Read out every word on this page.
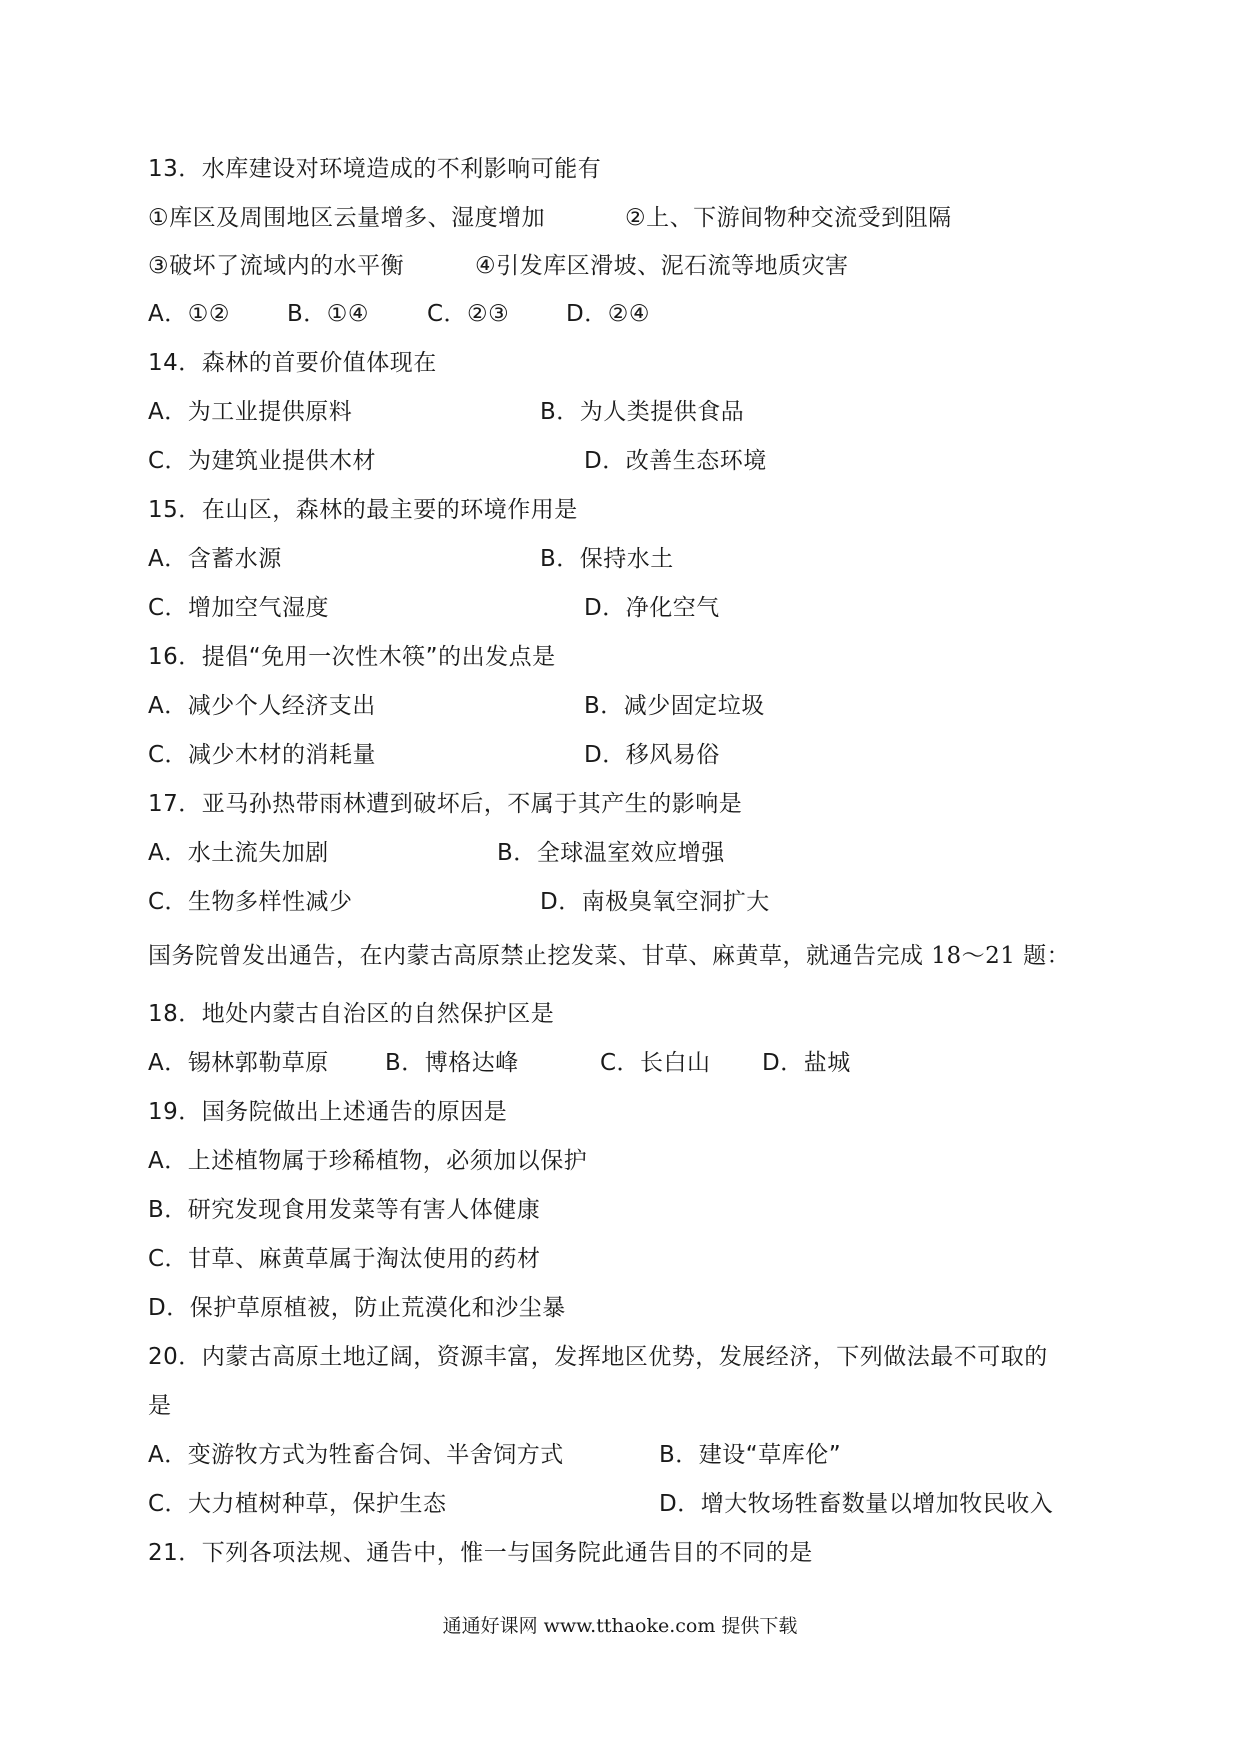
13．水库建设对环境造成的不利影响可能有
①库区及周围地区云量增多、湿度增加	②上、下游间物种交流受到阻隔
③破坏了流域内的水平衡	④引发库区滑坡、泥石流等地质灾害
A．①② B．①④	C．②③ D．②④
14．森林的首要价值体现在
A．为工业提供原料	B．为人类提供食品
C．为建筑业提供木材	D．改善生态环境
15．在山区，森林的最主要的环境作用是
A．含蓄水源	B．保持水土
C．增加空气湿度	D．净化空气
16．提倡“免用一次性木筷”的出发点是
A．减少个人经济支出	B．减少固定垃圾
C．减少木材的消耗量	D．移风易俗
17．亚马孙热带雨林遭到破坏后，不属于其产生的影响是
A．水土流失加剧	B．全球温室效应增强
C．生物多样性减少	D．南极臭氧空洞扩大
国务院曾发出通告，在内蒙古高原禁止挖发菜、甘草、麻黄草，就通告完成 18～21 题：
18．地处内蒙古自治区的自然保护区是
A．锡林郭勒草原 B．博格达峰	C．长白山 D．盐城
19．国务院做出上述通告的原因是
A．上述植物属于珍稀植物，必须加以保护
B．研究发现食用发菜等有害人体健康
C．甘草、麻黄草属于淘汰使用的药材
D．保护草原植被，防止荒漠化和沙尘暴
20．内蒙古高原土地辽阔，资源丰富，发挥地区优势，发展经济，下列做法最不可取的
是
A．变游牧方式为牲畜合饲、半舍饲方式	B．建设“草库伦”
C．大力植树种草，保护生态	D．增大牧场牲畜数量以增加牧民收入
21．下列各项法规、通告中，惟一与国务院此通告目的不同的是
通通好课网 www.tthaoke.com 提供下载
